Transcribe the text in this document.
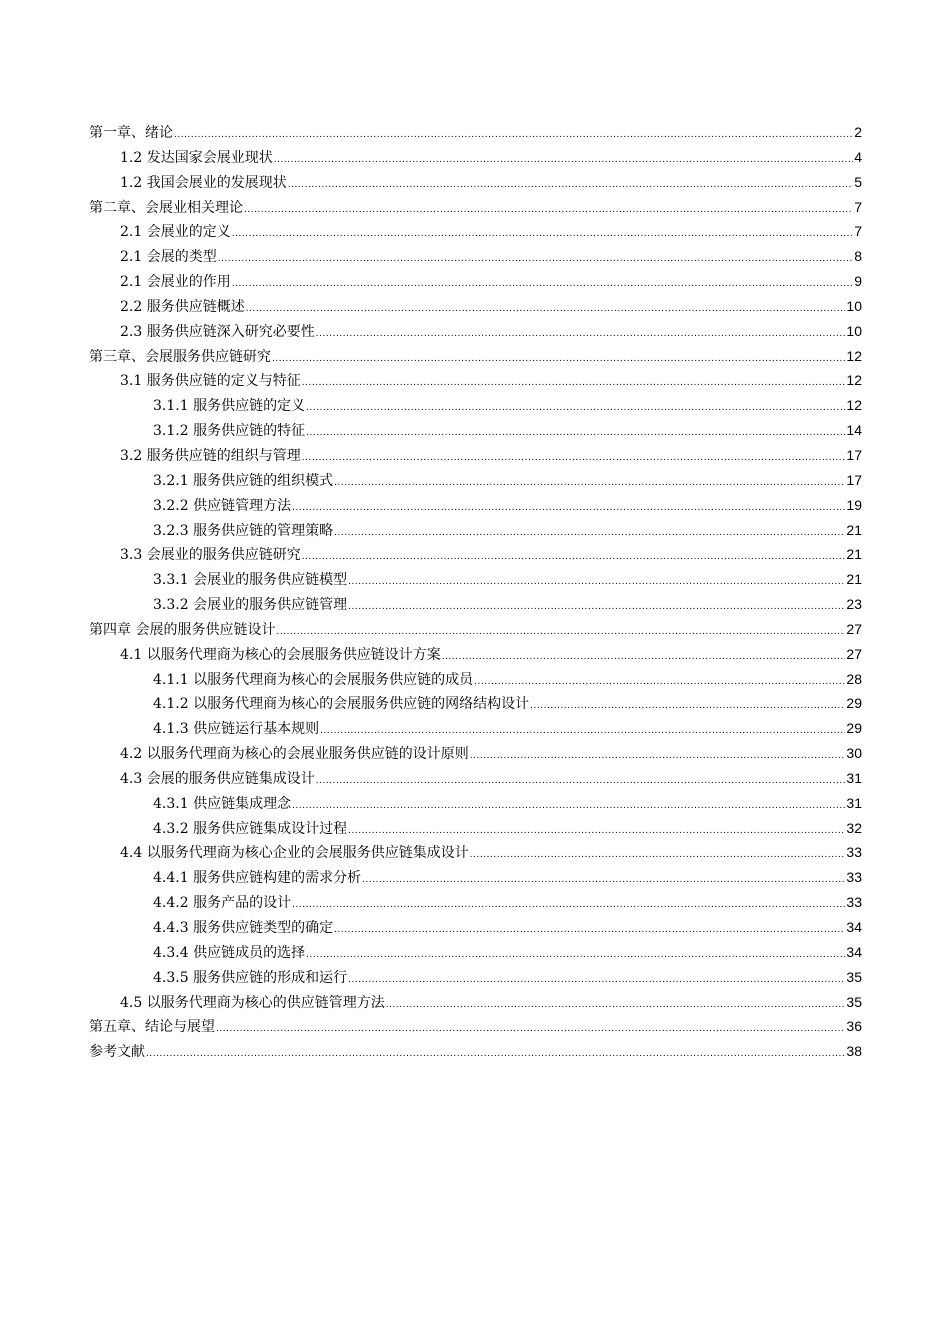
第一章、绪论 .....	2
1.2 发达国家会展业现状 .....	4
1.2 我国会展业的发展现状 .....	5
第二章、会展业相关理论 .....	7
2.1 会展业的定义 .....	7
2.1 会展的类型 .....	8
2.1 会展业的作用 .....	9
2.2 服务供应链概述 .....	10
2.3 服务供应链深入研究必要性 .....	10
第三章、会展服务供应链研究 .....	12
3.1 服务供应链的定义与特征 .....	12
3.1.1 服务供应链的定义 .....	12
3.1.2 服务供应链的特征 .....	14
3.2 服务供应链的组织与管理 .....	17
3.2.1 服务供应链的组织模式 .....	17
3.2.2 供应链管理方法 .....	19
3.2.3 服务供应链的管理策略 .....	21
3.3 会展业的服务供应链研究 .....	21
3.3.1 会展业的服务供应链模型 .....	21
3.3.2 会展业的服务供应链管理 .....	23
第四章 会展的服务供应链设计 .....	27
4.1 以服务代理商为核心的会展服务供应链设计方案 .....	27
4.1.1 以服务代理商为核心的会展服务供应链的成员 .....	28
4.1.2 以服务代理商为核心的会展服务供应链的网络结构设计 .....	29
4.1.3 供应链运行基本规则 .....	29
4.2 以服务代理商为核心的会展业服务供应链的设计原则 .....	30
4.3 会展的服务供应链集成设计 .....	31
4.3.1 供应链集成理念 .....	31
4.3.2 服务供应链集成设计过程 .....	32
4.4 以服务代理商为核心企业的会展服务供应链集成设计 .....	33
4.4.1 服务供应链构建的需求分析 .....	33
4.4.2 服务产品的设计 .....	33
4.4.3 服务供应链类型的确定 .....	34
4.3.4 供应链成员的选择 .....	34
4.3.5 服务供应链的形成和运行 .....	35
4.5 以服务代理商为核心的供应链管理方法 .....	35
第五章、结论与展望 .....	36
参考文献 .....	38
